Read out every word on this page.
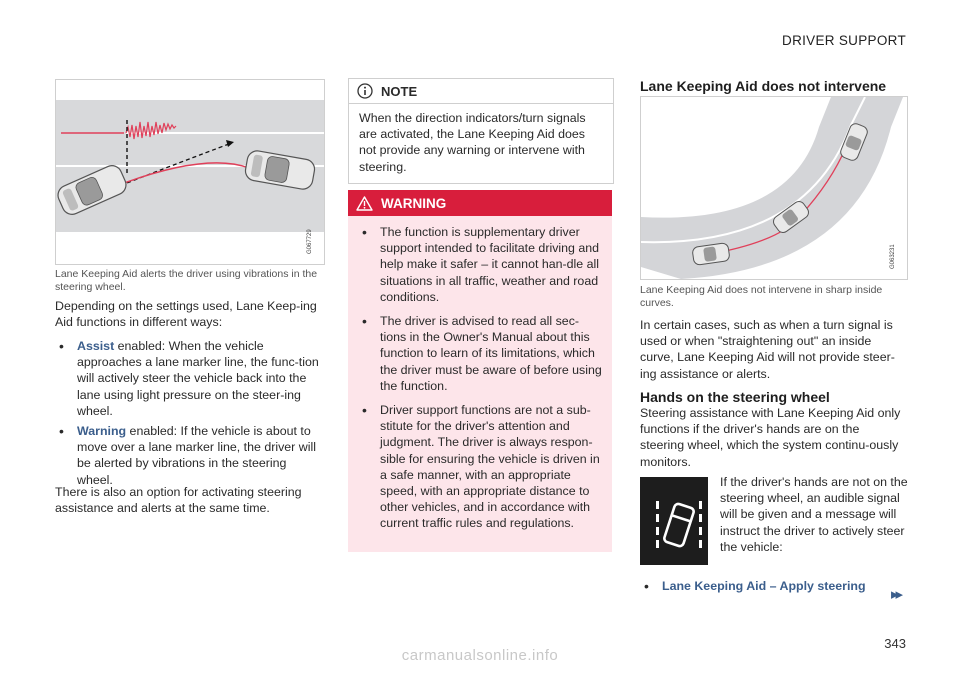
DRIVER SUPPORT
G067729
Lane Keeping Aid alerts the driver using vibrations in the steering wheel.
Depending on the settings used, Lane Keep-ing Aid functions in different ways:
• Assist enabled: When the vehicle approaches a lane marker line, the func-tion will actively steer the vehicle back into the lane using light pressure on the steer-ing wheel.
• Warning enabled: If the vehicle is about to move over a lane marker line, the driver will be alerted by vibrations in the steering wheel.
There is also an option for activating steering assistance and alerts at the same time.
NOTE
When the direction indicators/turn signals are activated, the Lane Keeping Aid does not provide any warning or intervene with steering.
WARNING
• The function is supplementary driver support intended to facilitate driving and help make it safer – it cannot han-dle all situations in all traffic, weather and road conditions.
• The driver is advised to read all sec-tions in the Owner's Manual about this function to learn of its limitations, which the driver must be aware of before using the function.
• Driver support functions are not a sub-stitute for the driver's attention and judgment. The driver is always respon-sible for ensuring the vehicle is driven in a safe manner, with an appropriate speed, with an appropriate distance to other vehicles, and in accordance with current traffic rules and regulations.
Lane Keeping Aid does not intervene
G063231
Lane Keeping Aid does not intervene in sharp inside curves.
In certain cases, such as when a turn signal is used or when "straightening out" an inside curve, Lane Keeping Aid will not provide steer-ing assistance or alerts.
Hands on the steering wheel
Steering assistance with Lane Keeping Aid only functions if the driver's hands are on the steering wheel, which the system continu-ously monitors.
If the driver's hands are not on the steering wheel, an audible signal will be given and a message will instruct the driver to actively steer the vehicle:
• Lane Keeping Aid – Apply steering	▸▸
343
carmanualsonline.info
